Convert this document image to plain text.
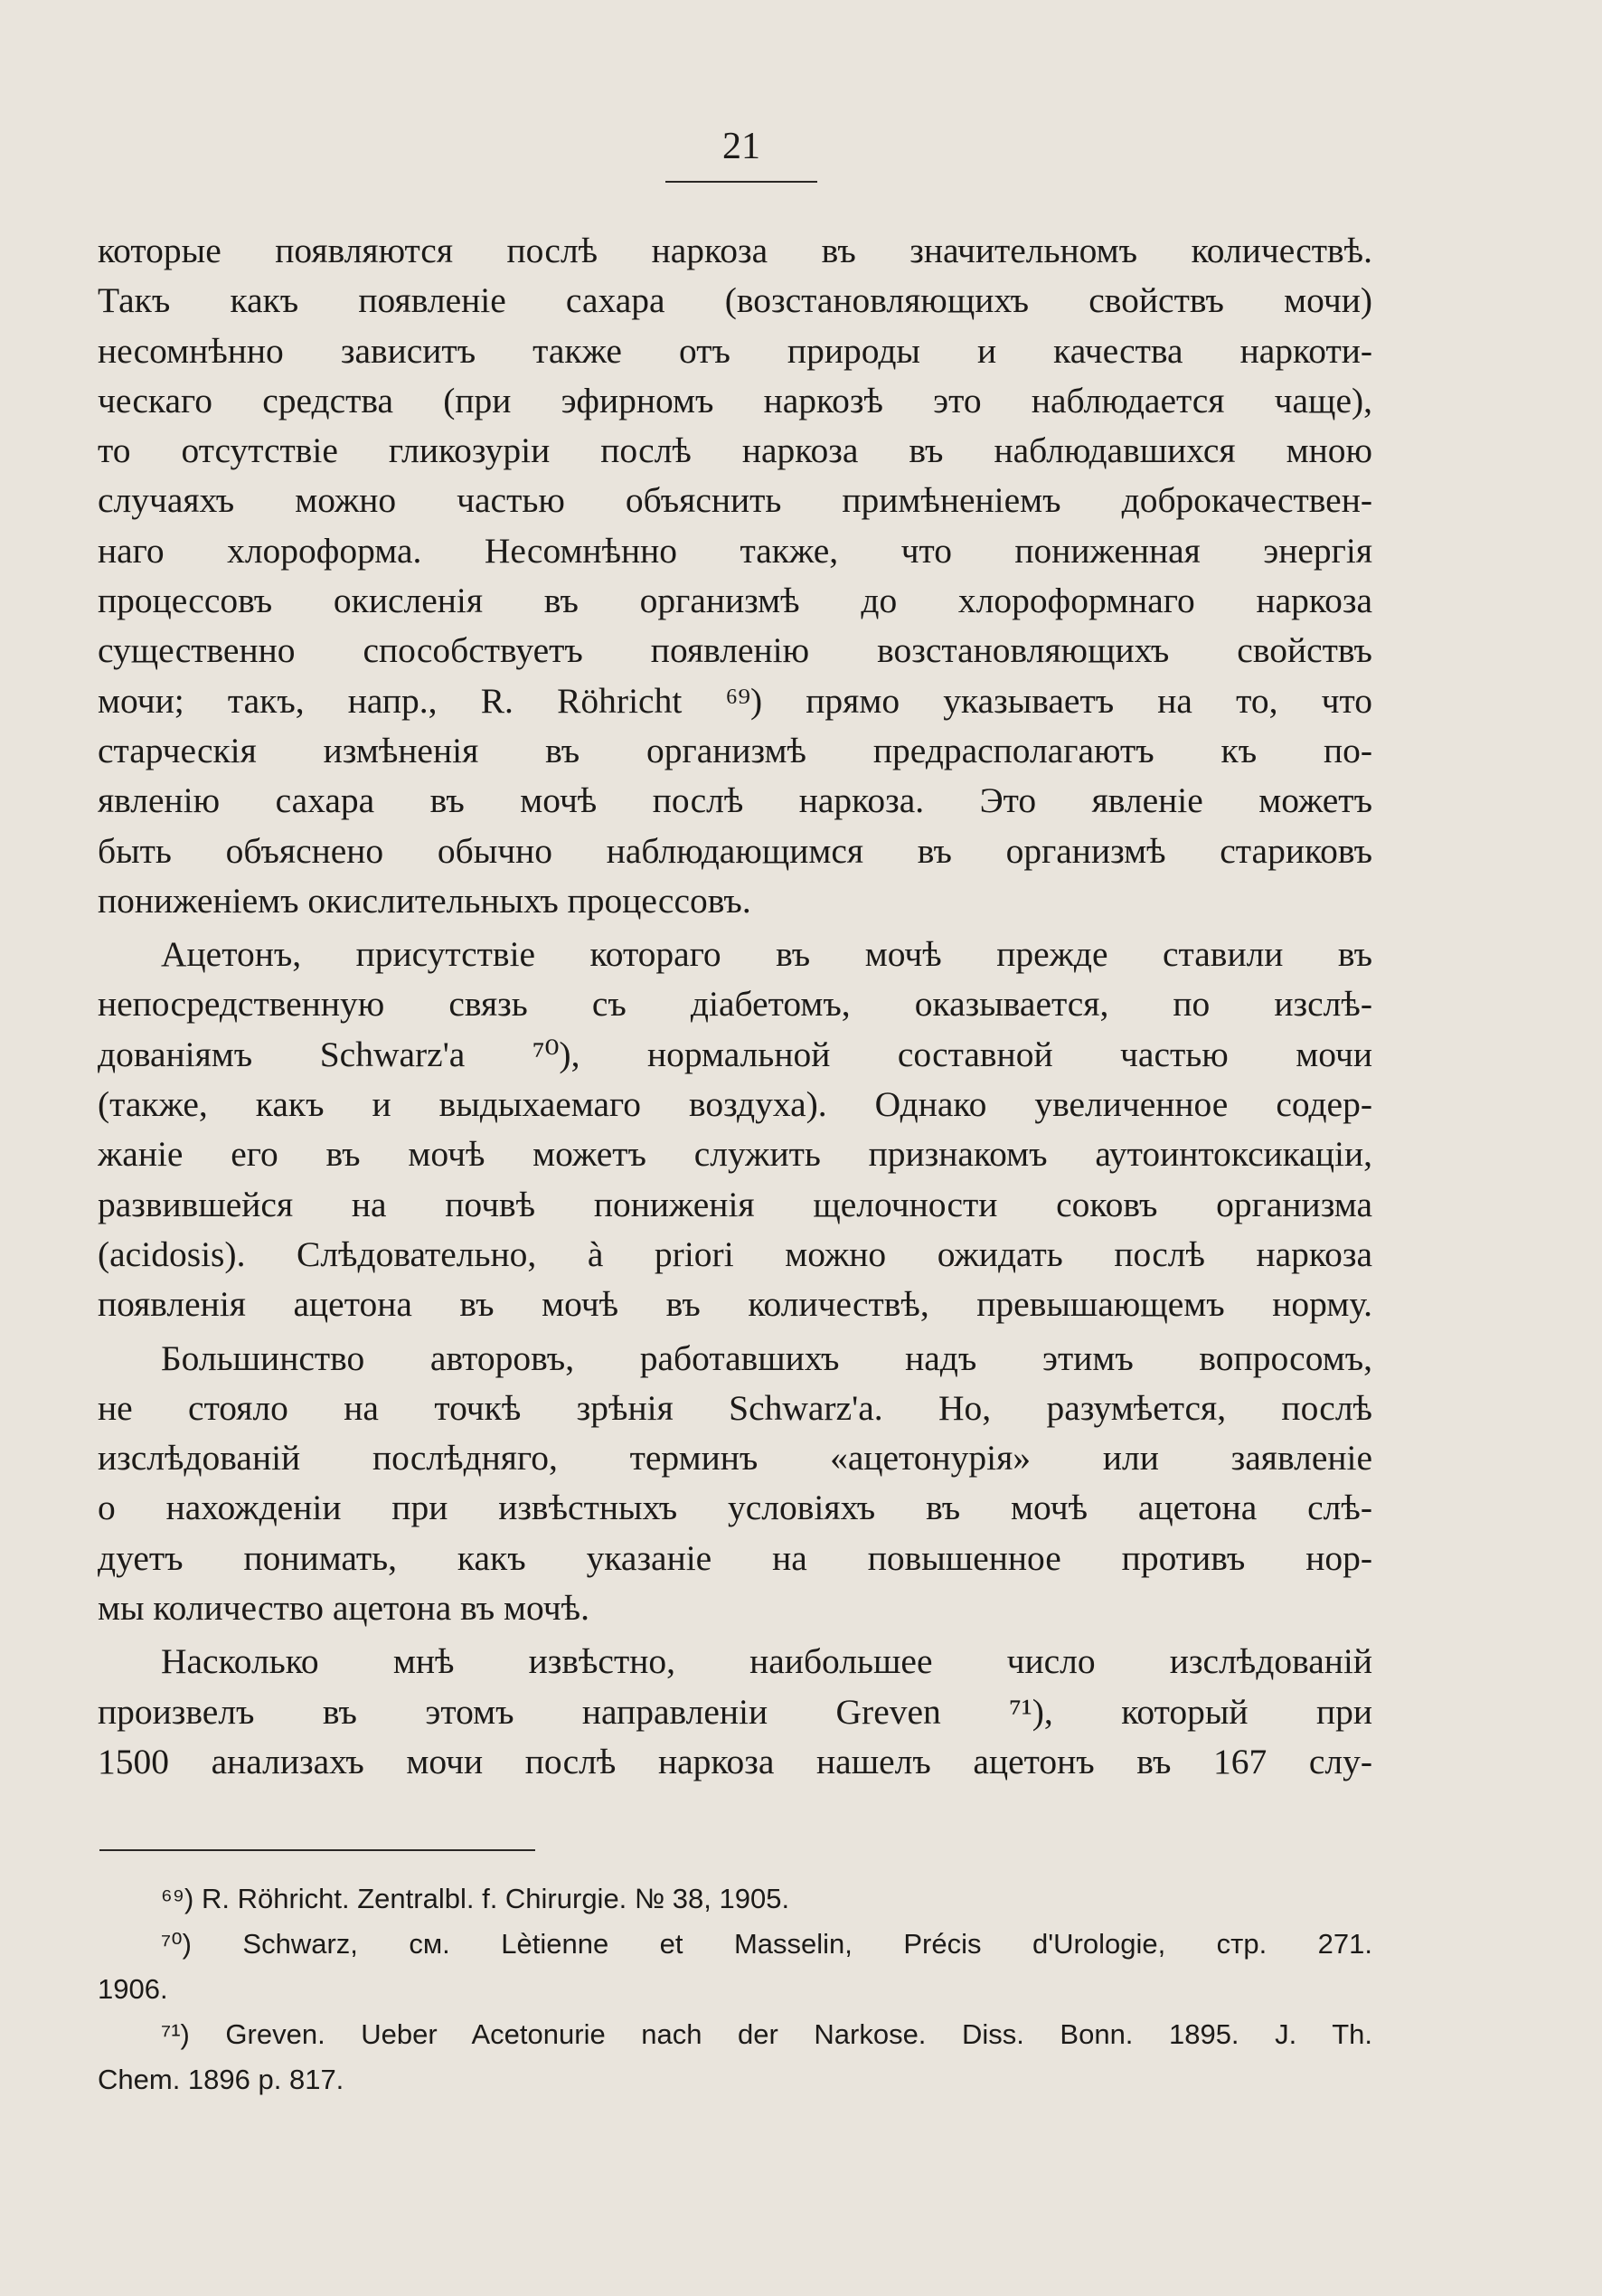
21
которые появляются послѣ наркоза въ значительномъ количествѣ.
Такъ какъ появленіе сахара (возстановляющихъ свойствъ мочи)
несомнѣнно зависитъ также отъ природы и качества наркоти-
ческаго средства (при эфирномъ наркозѣ это наблюдается чаще),
то отсутствіе гликозуріи послѣ наркоза въ наблюдавшихся мною
случаяхъ можно частью объяснить примѣненіемъ доброкачествен-
наго хлороформа. Несомнѣнно также, что пониженная энергія
процессовъ окисленія въ организмѣ до хлороформнаго наркоза
существенно способствуетъ появленію возстановляющихъ свойствъ
мочи; такъ, напр., R. Röhricht ⁶⁹) прямо указываетъ на то, что
старческія измѣненія въ организмѣ предрасполагаютъ къ по-
явленію сахара въ мочѣ послѣ наркоза. Это явленіе можетъ
быть объяснено обычно наблюдающимся въ организмѣ стариковъ
пониженіемъ окислительныхъ процессовъ.
Ацетонъ, присутствіе котораго въ мочѣ прежде ставили въ
непосредственную связь съ діабетомъ, оказывается, по изслѣ-
дованіямъ Schwarz'a ⁷⁰), нормальной составной частью мочи
(также, какъ и выдыхаемаго воздуха). Однако увеличенное содер-
жаніе его въ мочѣ можетъ служить признакомъ аутоинтоксикаціи,
развившейся на почвѣ пониженія щелочности соковъ организма
(acidosis). Слѣдовательно, à priori можно ожидать послѣ наркоза
появленія ацетона въ мочѣ въ количествѣ, превышающемъ норму.
Большинство авторовъ, работавшихъ надъ этимъ вопросомъ,
не стояло на точкѣ зрѣнія Schwarz'a. Но, разумѣется, послѣ
изслѣдованій послѣдняго, терминъ «ацетонурія» или заявленіе
о нахожденіи при извѣстныхъ условіяхъ въ мочѣ ацетона слѣ-
дуетъ понимать, какъ указаніе на повышенное противъ нор-
мы количество ацетона въ мочѣ.
Насколько мнѣ извѣстно, наибольшее число изслѣдованій
произвелъ въ этомъ направленіи Greven ⁷¹), который при
1500 анализахъ мочи послѣ наркоза нашелъ ацетонъ въ 167 слу-
⁶⁹) R. Röhricht. Zentralbl. f. Chirurgie. № 38, 1905.
⁷⁰) Schwarz, см. Lètienne et Masselin, Précis d'Urologie, стр. 271.
1906.
⁷¹) Greven. Ueber Acetonurie nach der Narkose. Diss. Bonn. 1895. J. Th.
Chem. 1896 p. 817.
